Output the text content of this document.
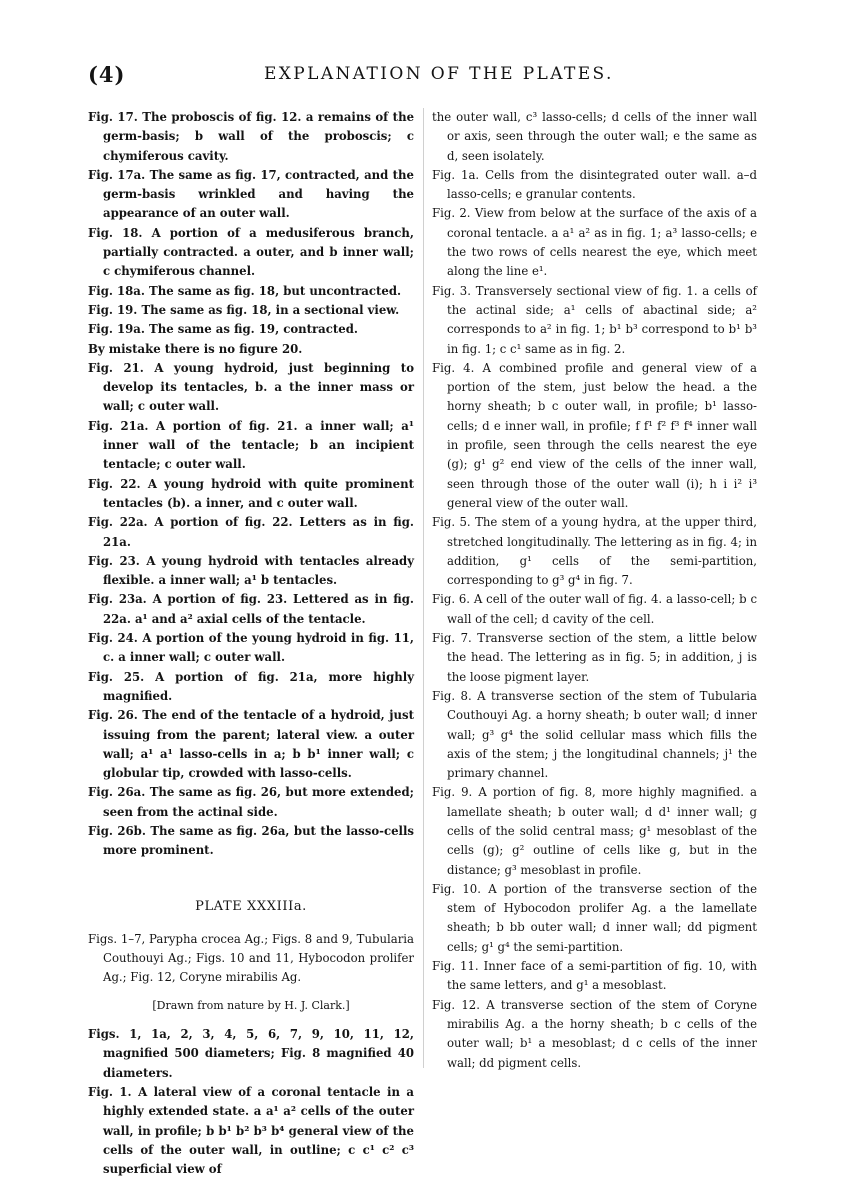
(4)	EXPLANATION OF THE PLATES.

Fig. 17. The proboscis of fig. 12. a remains of the germ-basis; b wall of the proboscis; c chymiferous cavity.

Fig. 17a. The same as fig. 17, contracted, and the germ-basis wrinkled and having the appearance of an outer wall.

Fig. 18. A portion of a medusiferous branch, partially contracted. a outer, and b inner wall; c chymiferous channel.

Fig. 18a. The same as fig. 18, but uncontracted.

Fig. 19. The same as fig. 18, in a sectional view.

Fig. 19a. The same as fig. 19, contracted.

By mistake there is no figure 20.

Fig. 21. A young hydroid, just beginning to develop its tentacles, b. a the inner mass or wall; c outer wall.

Fig. 21a. A portion of fig. 21. a inner wall; a¹ inner wall of the tentacle; b an incipient tentacle; c outer wall.

Fig. 22. A young hydroid with quite prominent tentacles (b). a inner, and c outer wall.

Fig. 22a. A portion of fig. 22. Letters as in fig. 21a.

Fig. 23. A young hydroid with tentacles already flexible. a inner wall; a¹ b tentacles.

Fig. 23a. A portion of fig. 23. Lettered as in fig. 22a. a¹ and a² axial cells of the tentacle.

Fig. 24. A portion of the young hydroid in fig. 11, c. a inner wall; c outer wall.

Fig. 25. A portion of fig. 21a, more highly magnified.

Fig. 26. The end of the tentacle of a hydroid, just issuing from the parent; lateral view. a outer wall; a¹ a¹ lasso-cells in a; b b¹ inner wall; c globular tip, crowded with lasso-cells.

Fig. 26a. The same as fig. 26, but more extended; seen from the actinal side.

Fig. 26b. The same as fig. 26a, but the lasso-cells more prominent.

PLATE XXXIIIa.

Figs. 1–7, Parypha crocea Ag.; Figs. 8 and 9, Tubularia Couthouyi Ag.; Figs. 10 and 11, Hybocodon prolifer Ag.; Fig. 12, Coryne mirabilis Ag.

[Drawn from nature by H. J. Clark.]

Figs. 1, 1a, 2, 3, 4, 5, 6, 7, 9, 10, 11, 12, magnified 500 diameters; Fig. 8 magnified 40 diameters.

Fig. 1. A lateral view of a coronal tentacle in a highly extended state. a a¹ a² cells of the outer wall, in profile; b b¹ b² b³ b⁴ general view of the cells of the outer wall, in outline; c c¹ c² c³ superficial view of

the outer wall, c³ lasso-cells; d cells of the inner wall or axis, seen through the outer wall; e the same as d, seen isolately.

Fig. 1a. Cells from the disintegrated outer wall. a–d lasso-cells; e granular contents.

Fig. 2. View from below at the surface of the axis of a coronal tentacle. a a¹ a² as in fig. 1; a³ lasso-cells; e the two rows of cells nearest the eye, which meet along the line e¹.

Fig. 3. Transversely sectional view of fig. 1. a cells of the actinal side; a¹ cells of abactinal side; a² corresponds to a² in fig. 1; b¹ b³ correspond to b¹ b³ in fig. 1; c c¹ same as in fig. 2.

Fig. 4. A combined profile and general view of a portion of the stem, just below the head. a the horny sheath; b c outer wall, in profile; b¹ lasso-cells; d e inner wall, in profile; f f¹ f² f³ f⁴ inner wall in profile, seen through the cells nearest the eye (g); g¹ g² end view of the cells of the inner wall, seen through those of the outer wall (i); h i i² i³ general view of the outer wall.

Fig. 5. The stem of a young hydra, at the upper third, stretched longitudinally. The lettering as in fig. 4; in addition, g¹ cells of the semi-partition, corresponding to g³ g⁴ in fig. 7.

Fig. 6. A cell of the outer wall of fig. 4. a lasso-cell; b c wall of the cell; d cavity of the cell.

Fig. 7. Transverse section of the stem, a little below the head. The lettering as in fig. 5; in addition, j is the loose pigment layer.

Fig. 8. A transverse section of the stem of Tubularia Couthouyi Ag. a horny sheath; b outer wall; d inner wall; g³ g⁴ the solid cellular mass which fills the axis of the stem; j the longitudinal channels; j¹ the primary channel.

Fig. 9. A portion of fig. 8, more highly magnified. a lamellate sheath; b outer wall; d d¹ inner wall; g cells of the solid central mass; g¹ mesoblast of the cells (g); g² outline of cells like g, but in the distance; g³ mesoblast in profile.

Fig. 10. A portion of the transverse section of the stem of Hybocodon prolifer Ag. a the lamellate sheath; b bb outer wall; d inner wall; dd pigment cells; g¹ g⁴ the semi-partition.

Fig. 11. Inner face of a semi-partition of fig. 10, with the same letters, and g¹ a mesoblast.

Fig. 12. A transverse section of the stem of Coryne mirabilis Ag. a the horny sheath; b c cells of the outer wall; b¹ a mesoblast; d c cells of the inner wall; dd pigment cells.
